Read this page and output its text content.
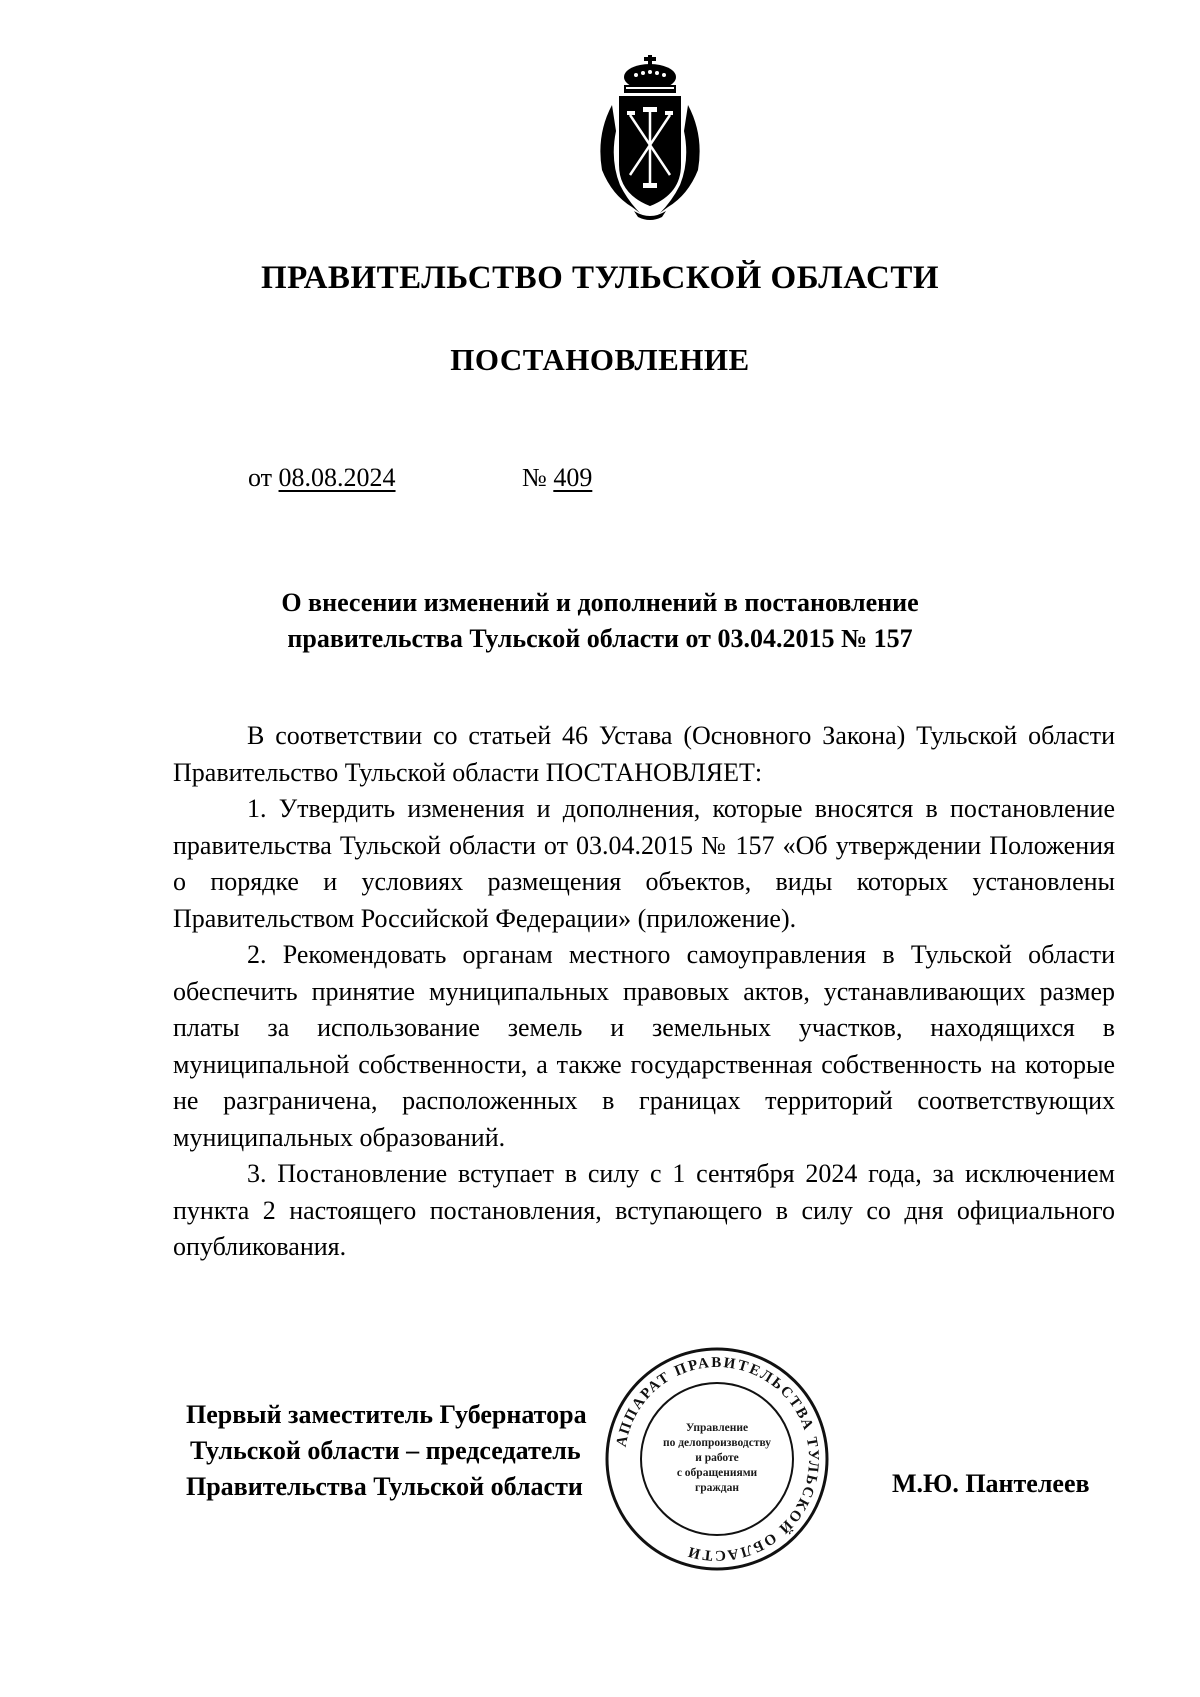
ПРАВИТЕЛЬСТВО ТУЛЬСКОЙ ОБЛАСТИ
ПОСТАНОВЛЕНИЕ
от 08.08.2024	№ 409
О внесении изменений и дополнений в постановление
правительства Тульской области от 03.04.2015 № 157

В соответствии со статьей 46 Устава (Основного Закона) Тульской области Правительство Тульской области ПОСТАНОВЛЯЕТ:

1. Утвердить изменения и дополнения, которые вносятся в постановление правительства Тульской области от 03.04.2015 № 157 «Об утверждении Положения о порядке и условиях размещения объектов, виды которых установлены Правительством Российской Федерации» (приложение).

2. Рекомендовать органам местного самоуправления в Тульской области обеспечить принятие муниципальных правовых актов, устанавливающих размер платы за использование земель и земельных участков, находящихся в муниципальной собственности, а также государственная собственность на которые не разграничена, расположенных в границах территорий соответствующих муниципальных образований.

3. Постановление вступает в силу с 1 сентября 2024 года, за исключением пункта 2 настоящего постановления, вступающего в силу со дня официального опубликования.

Первый заместитель Губернатора
Тульской области – председатель
Правительства Тульской области
АППАРАТ ПРАВИТЕЛЬСТВА ТУЛЬСКОЙ ОБЛАСТИ
Управление
по делопроизводству
и работе
с обращениями
граждан	М.Ю. Пантелеев
